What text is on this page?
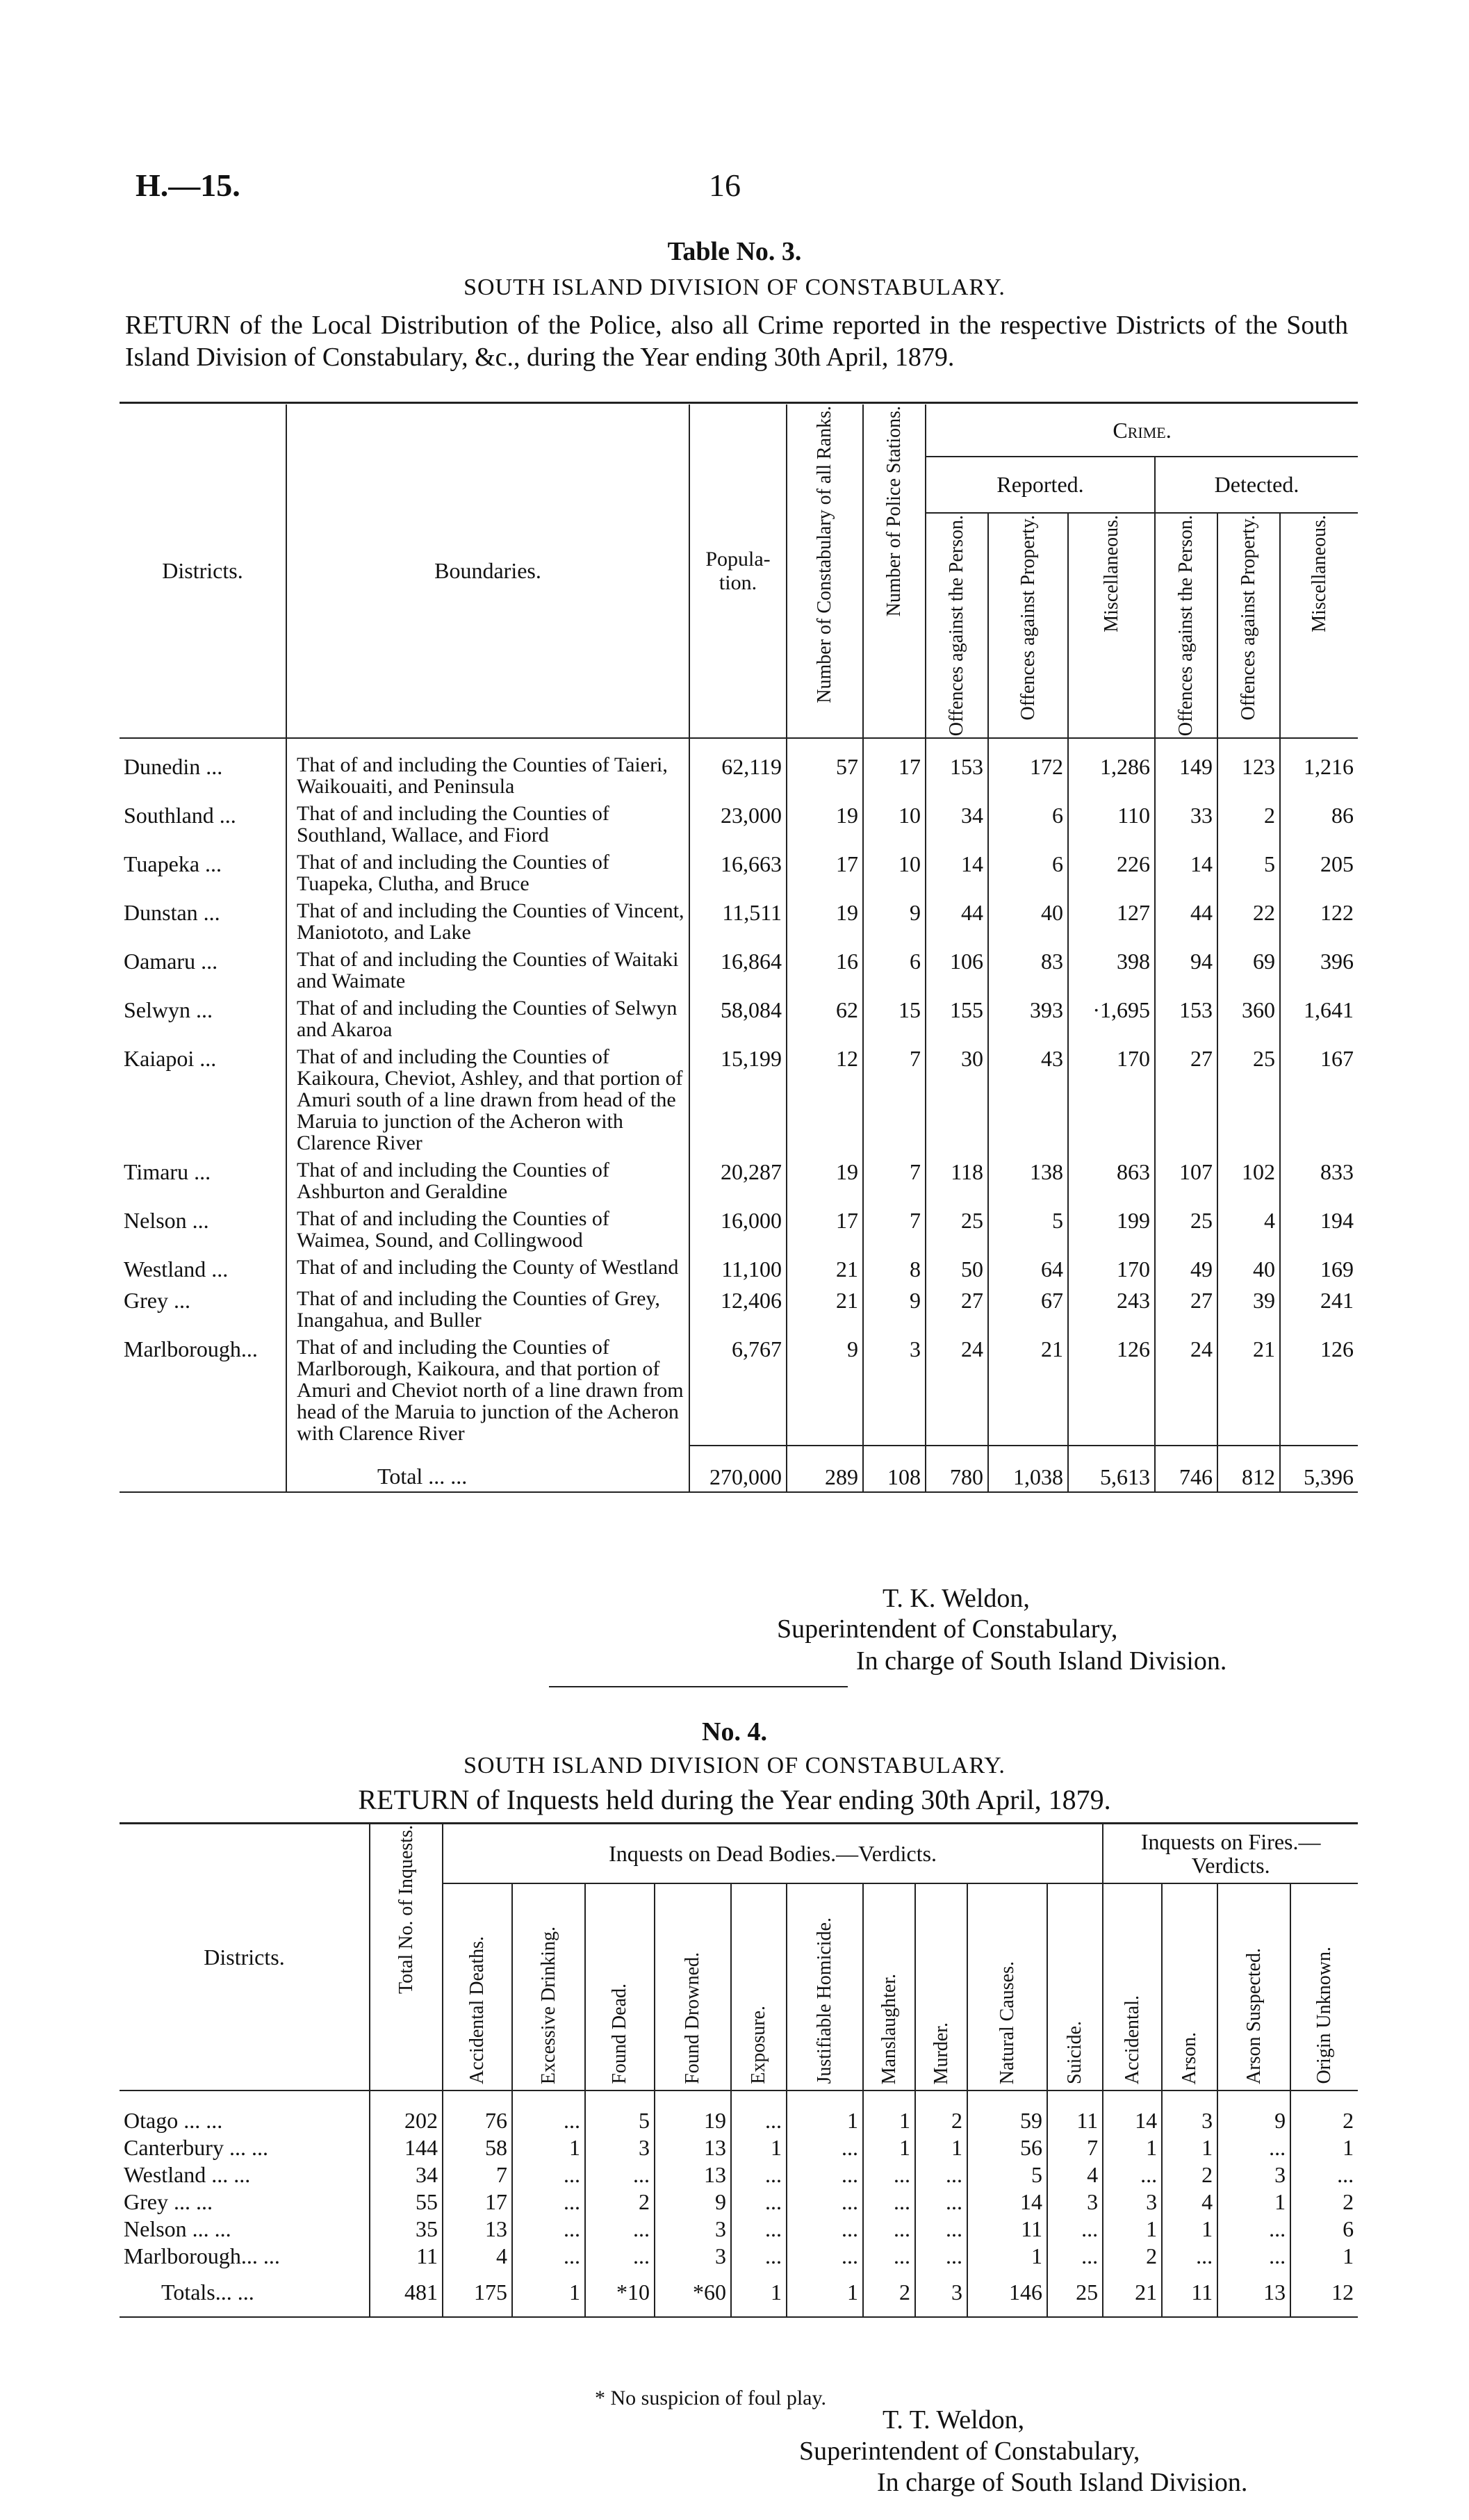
H.—15.	16
Table No. 3.
SOUTH ISLAND DIVISION OF CONSTABULARY.
RETURN of the Local Distribution of the Police, also all Crime reported in the respective Districts of the South Island Division of Constabulary, &c., during the Year ending 30th April, 1879.
Districts.	Boundaries.	Popula-tion.	Number of Constabulary of all Ranks.	Number of Police Stations.	Crime.					
					Reported.			Detected.		

					Offences against the Person.	Offences against Property.	Miscellaneous.	Offences against the Person.	Offences against Property.	Miscellaneous.

Dunedin ...	That of and including the Counties of Taieri, Waikouaiti, and Peninsula	62,119	57	17	153	172	1,286	149	123	1,216
Southland ...	That of and including the Counties of Southland, Wallace, and Fiord	23,000	19	10	34	6	110	33	2	86
Tuapeka ...	That of and including the Counties of Tuapeka, Clutha, and Bruce	16,663	17	10	14	6	226	14	5	205
Dunstan ...	That of and including the Counties of Vincent, Maniototo, and Lake	11,511	19	9	44	40	127	44	22	122
Oamaru ...	That of and including the Counties of Waitaki and Waimate	16,864	16	6	106	83	398	94	69	396
Selwyn ...	That of and including the Counties of Selwyn and Akaroa	58,084	62	15	155	393	·1,695	153	360	1,641
Kaiapoi ...	That of and including the Counties of Kaikoura, Cheviot, Ashley, and that portion of Amuri south of a line drawn from head of the Maruia to junction of the Acheron with Clarence River	15,199	12	7	30	43	170	27	25	167
Timaru ...	That of and including the Counties of Ashburton and Geraldine	20,287	19	7	118	138	863	107	102	833
Nelson ...	That of and including the Counties of Waimea, Sound, and Collingwood	16,000	17	7	25	5	199	25	4	194
Westland ...	That of and including the County of Westland	11,100	21	8	50	64	170	49	40	169
Grey ...	That of and including the Counties of Grey, Inangahua, and Buller	12,406	21	9	27	67	243	27	39	241
Marlborough...	That of and including the Counties of Marlborough, Kaikoura, and that portion of Amuri and Cheviot north of a line drawn from head of the Maruia to junction of the Acheron with Clarence River	6,767	9	3	24	21	126	24	21	126
	Total ... ...	270,000	289	108	780	1,038	5,613	746	812	5,396
T. K. Weldon,
Superintendent of Constabulary,
In charge of South Island Division.
No. 4.
SOUTH ISLAND DIVISION OF CONSTABULARY.
RETURN of Inquests held during the Year ending 30th April, 1879.
Districts.	Total No. of Inquests.	Inquests on Dead Bodies.—Verdicts.										Inquests on Fires.— Verdicts.			

		Accidental Deaths.	Excessive Drinking.	Found Dead.	Found Drowned.	Exposure.	Justifiable Homicide.	Manslaughter.	Murder.	Natural Causes.	Suicide.	Accidental.	Arson.	Arson Suspected.	Origin Unknown.

Otago ... ...	202	76	...	5	19	...	1	1	2	59	11	14	3	9	2
Canterbury ... ...	144	58	1	3	13	1	...	1	1	56	7	1	1	...	1
Westland ... ...	34	7	...	...	13	...	...	...	...	5	4	...	2	3	...
Grey ... ...	55	17	...	2	9	...	...	...	...	14	3	3	4	1	2
Nelson ... ...	35	13	...	...	3	...	...	...	...	11	...	1	1	...	6
Marlborough... ...	11	4	...	...	3	...	...	...	...	1	...	2	...	...	1
Totals... ...	481	175	1	*10	*60	1	1	2	3	146	25	21	11	13	12
* No suspicion of foul play.
T. T. Weldon,
Superintendent of Constabulary,
In charge of South Island Division.
